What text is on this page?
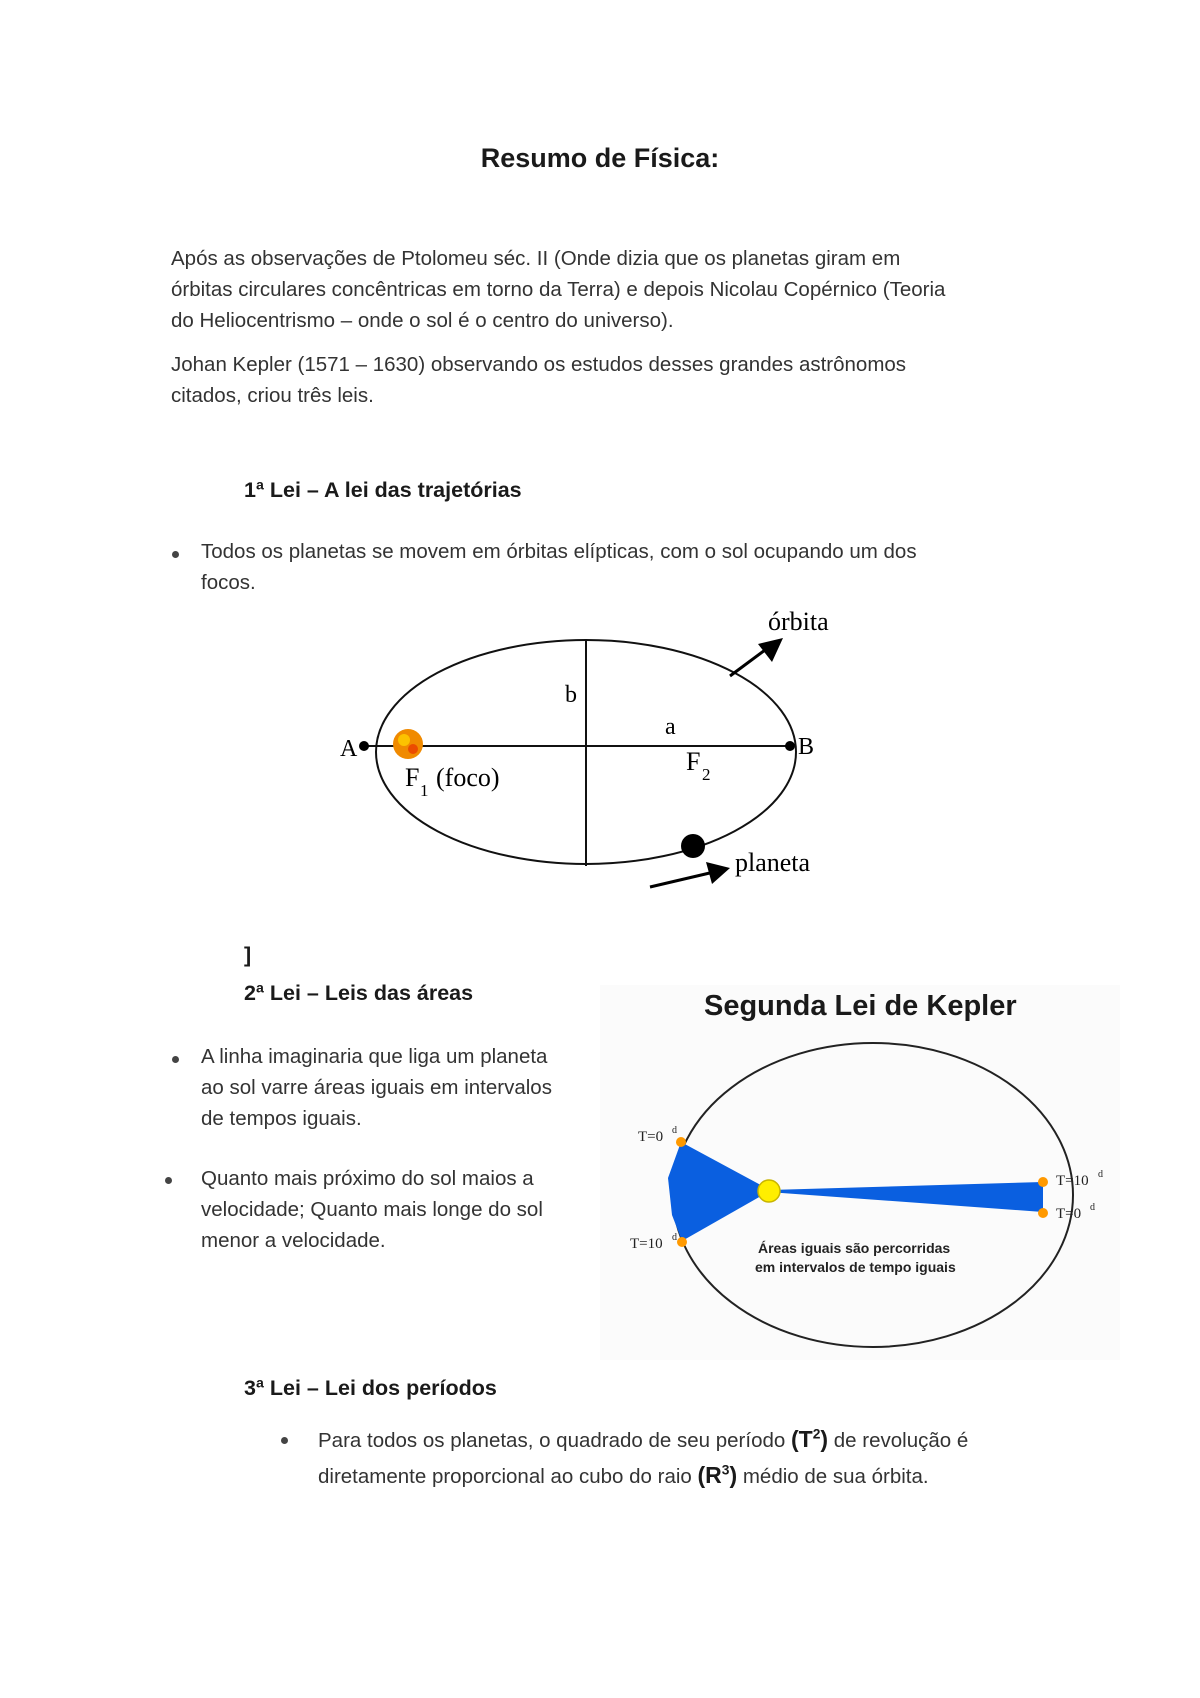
Resumo de Física:
Após as observações de Ptolomeu séc. II (Onde dizia que os planetas giram em
órbitas circulares concêntricas em torno da Terra) e depois Nicolau Copérnico (Teoria
do Heliocentrismo – onde o sol é o centro do universo).
Johan Kepler (1571 – 1630) observando os estudos desses grandes astrônomos
citados, criou três leis.
1ª Lei – A lei das trajetórias
Todos os planetas se movem em órbitas elípticas, com o sol ocupando um dos
focos.
órbita
b
a
A	B
F 1 (foco)
F 2
planeta
]
2ª Lei – Leis das áreas
A linha imaginaria que liga um planeta
ao sol varre áreas iguais em intervalos
de tempos iguais.
Quanto mais próximo do sol maios a
velocidade; Quanto mais longe do sol
menor a velocidade.
Segunda Lei de Kepler
T=0 d
T=10 d
T=10 d
T=0 d
Áreas iguais são percorridas
em intervalos de tempo iguais
3ª Lei – Lei dos períodos
Para todos os planetas, o quadrado de seu período $(T^2)$ de revolução é
diretamente proporcional ao cubo do raio $(R^3)$ médio de sua órbita.
